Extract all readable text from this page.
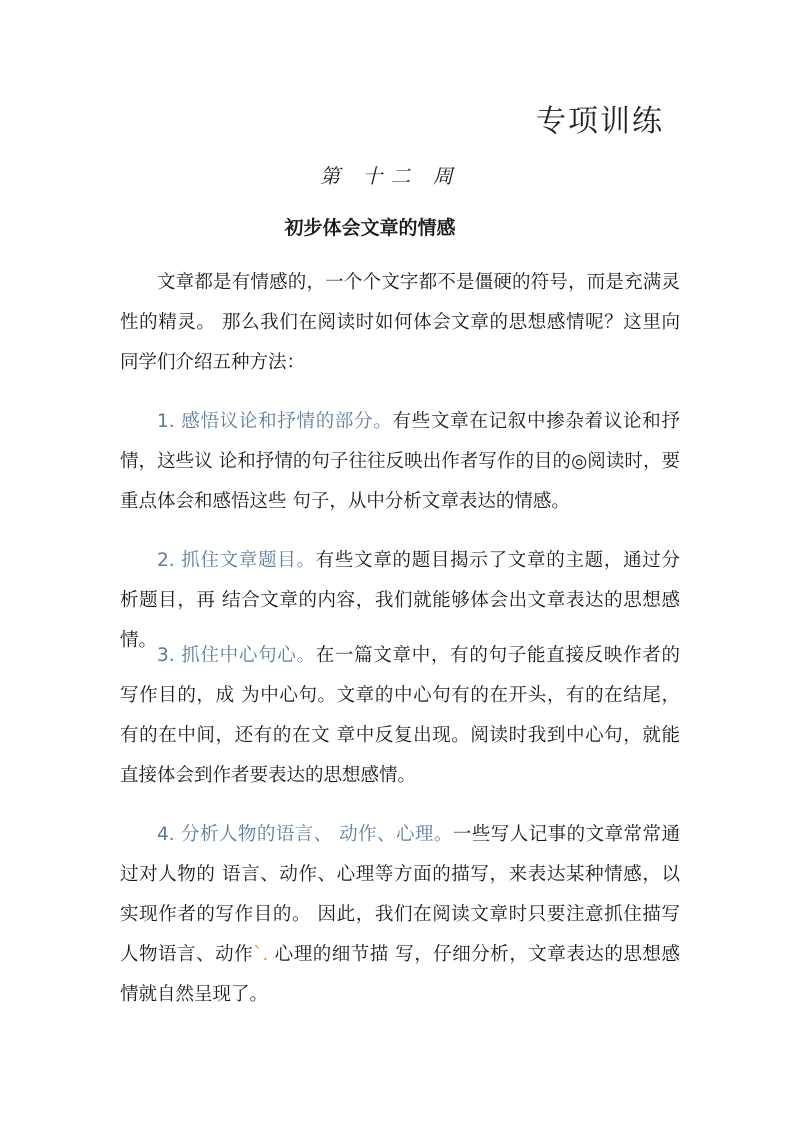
专项训练
第 十二 周
初步体会文章的情感

文章都是有情感的，一个个文字都不是僵硬的符号，而是充满灵性的精灵。 那么我们在阅读时如何体会文章的思想感情呢？这里向同学们介绍五种方法：

1. 感悟议论和抒情的部分。有些文章在记叙中掺杂着议论和抒情，这些议 论和抒情的句子往往反映出作者写作的目的◎阅读时，要重点体会和感悟这些 句子，从中分析文章表达的情感。

2. 抓住文章题目。有些文章的题目揭示了文章的主题，通过分析题目，再 结合文章的内容，我们就能够体会出文章表达的思想感情。

3. 抓住中心句心。在一篇文章中，有的句子能直接反映作者的写作目的，成 为中心句。文章的中心句有的在开头，有的在结尾，有的在中间，还有的在文 章中反复出现。阅读时我到中心句，就能直接体会到作者要表达的思想感情。

4. 分析人物的语言、 动作、心理。一些写人记事的文章常常通过对人物的 语言、动作、心理等方面的描写，来表达某种情感，以实现作者的写作目的。 因此，我们在阅读文章时只要注意抓住描写人物语言、动作`. 心理的细节描 写，仔细分析，文章表达的思想感情就自然呈现了。
